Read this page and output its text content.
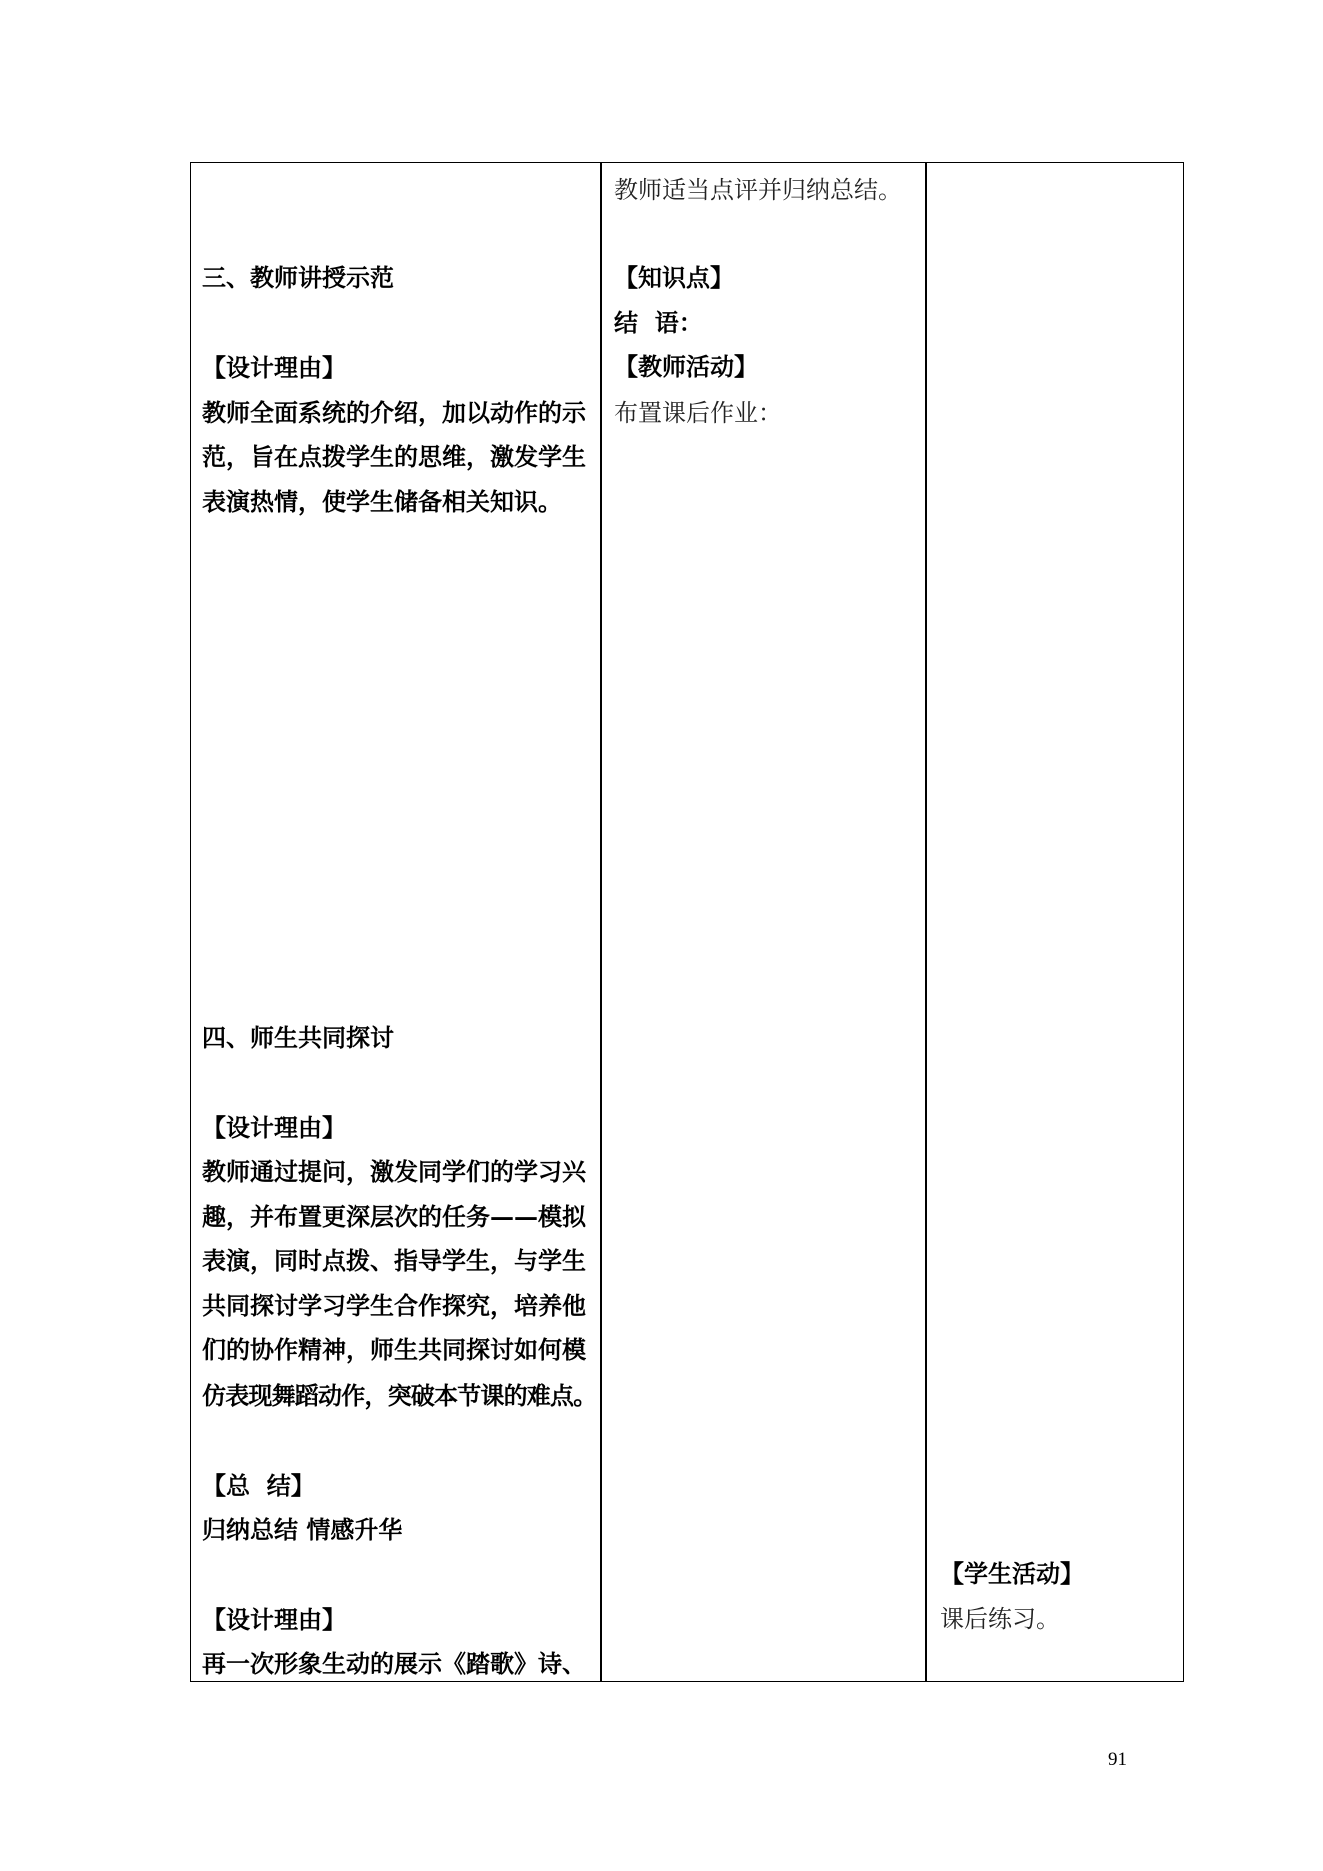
三、教师讲授示范
【设计理由】
教师全面系统的介绍，加以动作的示
范，旨在点拨学生的思维，激发学生
表演热情，使学生储备相关知识。
四、师生共同探讨
【设计理由】
教师通过提问，激发同学们的学习兴
趣，并布置更深层次的任务——模拟
表演，同时点拨、指导学生，与学生
共同探讨学习学生合作探究，培养他
们的协作精神，师生共同探讨如何模
仿表现舞蹈动作，突破本节课的难点。
【总  结】
归纳总结 情感升华
【设计理由】
再一次形象生动的展示《踏歌》诗、
教师适当点评并归纳总结。
【知识点】
结  语：
【教师活动】
布置课后作业：
【学生活动】
课后练习。
91
